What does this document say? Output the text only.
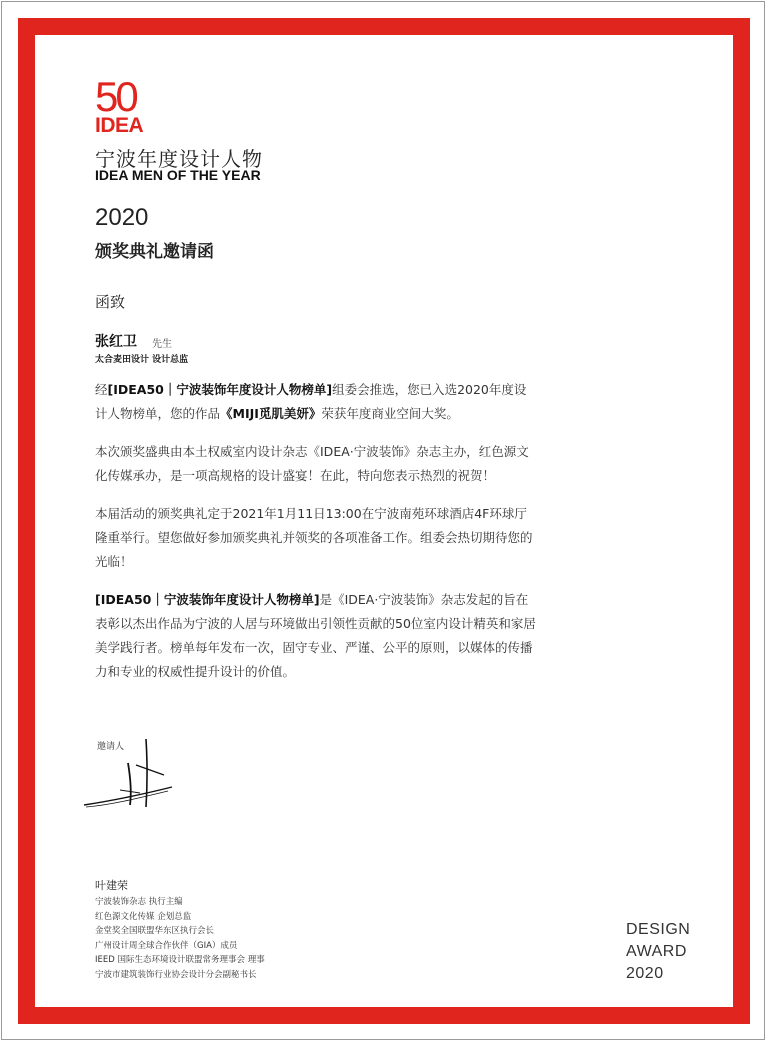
50
IDEA
宁波年度设计人物
IDEA MEN OF THE YEAR
2020
颁奖典礼邀请函
函致
张红卫 先生
太合麦田设计 设计总监

经[IDEA50｜宁波装饰年度设计人物榜单]组委会推选，您已入选2020年度设计人物榜单，您的作品《MIJI觅肌美妍》荣获年度商业空间大奖。

本次颁奖盛典由本土权威室内设计杂志《IDEA·宁波装饰》杂志主办，红色源文化传媒承办，是一项高规格的设计盛宴！在此，特向您表示热烈的祝贺！

本届活动的颁奖典礼定于2021年1月11日13:00在宁波南苑环球酒店4F环球厅隆重举行。望您做好参加颁奖典礼并领奖的各项准备工作。组委会热切期待您的光临！

[IDEA50｜宁波装饰年度设计人物榜单]是《IDEA·宁波装饰》杂志发起的旨在表彰以杰出作品为宁波的人居与环境做出引领性贡献的50位室内设计精英和家居美学践行者。榜单每年发布一次，固守专业、严谨、公平的原则，以媒体的传播力和专业的权威性提升设计的价值。

邀请人
叶建荣
宁波装饰杂志 执行主编
红色源文化传媒 企划总监
金堂奖全国联盟华东区执行会长
广州设计周全球合作伙伴（GIA）成员
IEED 国际生态环境设计联盟常务理事会 理事
宁波市建筑装饰行业协会设计分会副秘书长
DESIGN
AWARD
2020
